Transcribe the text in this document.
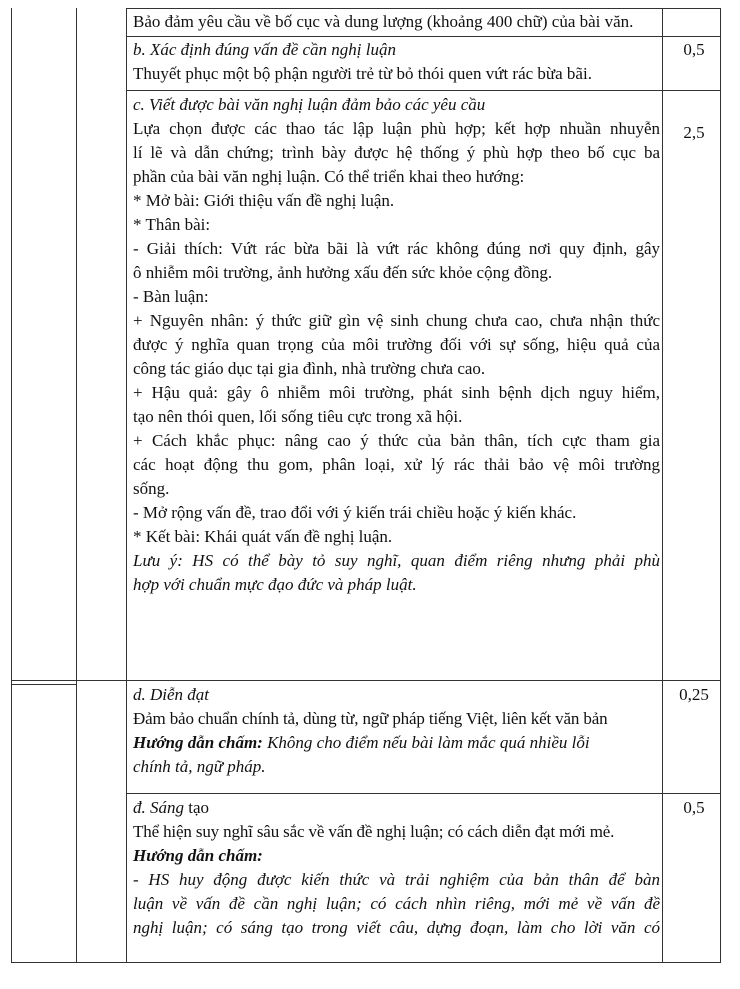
Bảo đảm yêu cầu về bố cục và dung lượng (khoảng 400 chữ) của bài văn.
b. Xác định đúng vấn đề cần nghị luận
Thuyết phục một bộ phận người trẻ từ bỏ thói quen vứt rác bừa bãi.
0,5
c. Viết được bài văn nghị luận đảm bảo các yêu cầu
Lựa chọn được các thao tác lập luận phù hợp; kết hợp nhuần nhuyễn
lí lẽ và dẫn chứng; trình bày được hệ thống ý phù hợp theo bố cục ba
phần của bài văn nghị luận. Có thể triển khai theo hướng:
* Mở bài: Giới thiệu vấn đề nghị luận.
* Thân bài:
- Giải thích: Vứt rác bừa bãi là vứt rác không đúng nơi quy định, gây
ô nhiễm môi trường, ảnh hưởng xấu đến sức khỏe cộng đồng.
- Bàn luận:
+ Nguyên nhân: ý thức giữ gìn vệ sinh chung chưa cao, chưa nhận thức
được ý nghĩa quan trọng của môi trường đối với sự sống, hiệu quả của
công tác giáo dục tại gia đình, nhà trường chưa cao.
+ Hậu quả: gây ô nhiễm môi trường, phát sinh bệnh dịch nguy hiểm,
tạo nên thói quen, lối sống tiêu cực trong xã hội.
+ Cách khắc phục: nâng cao ý thức của bản thân, tích cực tham gia
các hoạt động thu gom, phân loại, xử lý rác thải bảo vệ môi trường
sống.
- Mở rộng vấn đề, trao đổi với ý kiến trái chiều hoặc ý kiến khác.
* Kết bài: Khái quát vấn đề nghị luận.
Lưu ý: HS có thể bày tỏ suy nghĩ, quan điểm riêng nhưng phải phù
hợp với chuẩn mực đạo đức và pháp luật.
2,5
d. Diễn đạt
Đảm bảo chuẩn chính tả, dùng từ, ngữ pháp tiếng Việt, liên kết văn bản
Hướng dẫn chấm: Không cho điểm nếu bài làm mắc quá nhiều lỗi
chính tả, ngữ pháp.
0,25
đ. Sáng tạo
Thể hiện suy nghĩ sâu sắc về vấn đề nghị luận; có cách diễn đạt mới mẻ.
Hướng dẫn chấm:
- HS huy động được kiến thức và trải nghiệm của bản thân để bàn
luận về vấn đề cần nghị luận; có cách nhìn riêng, mới mẻ về vấn đề
nghị luận; có sáng tạo trong viết câu, dựng đoạn, làm cho lời văn có
0,5
